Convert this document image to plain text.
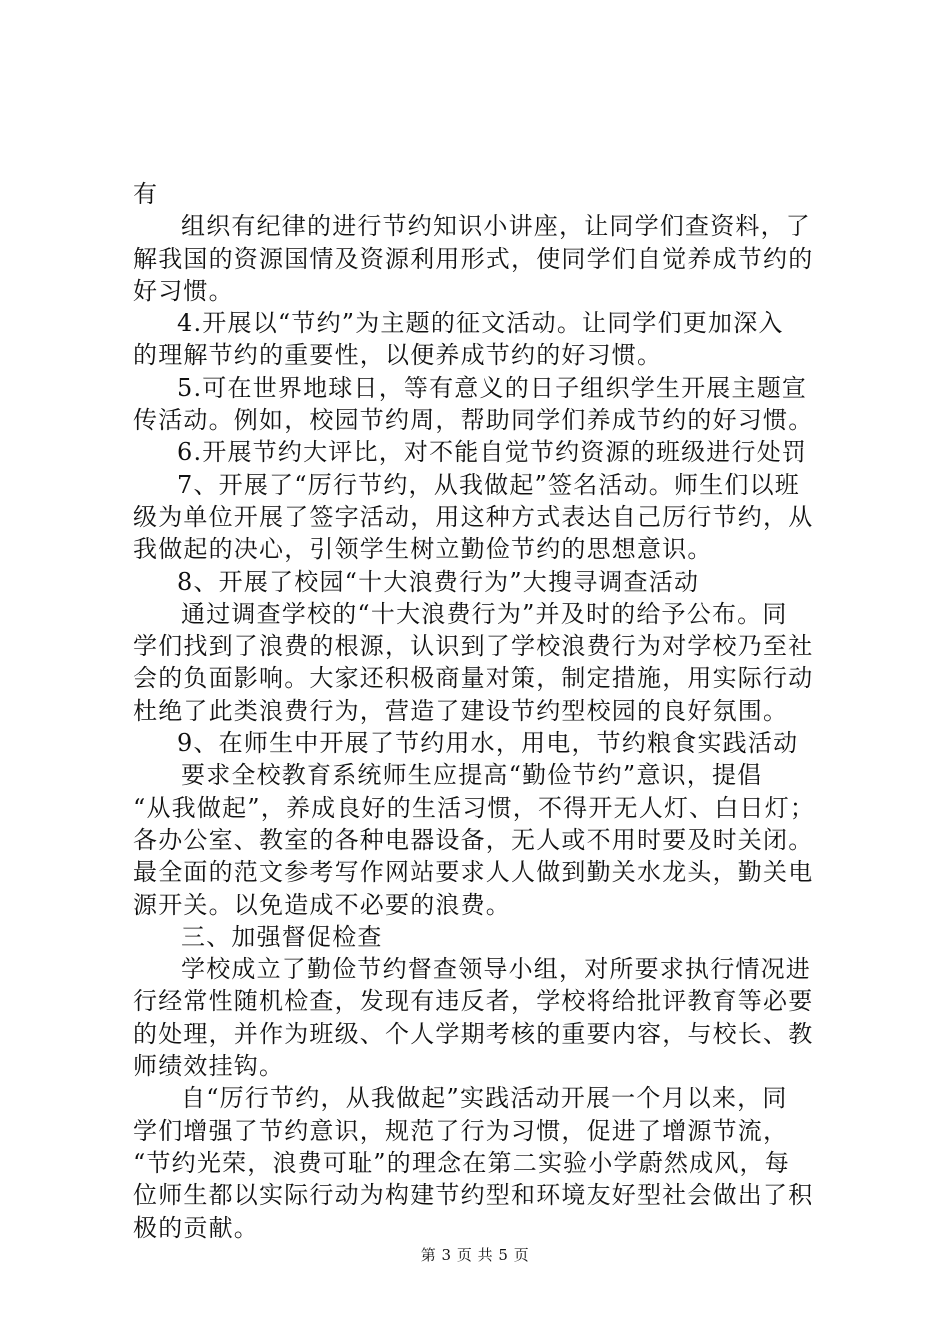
有
组织有纪律的进行节约知识小讲座，让同学们查资料，了
解我国的资源国情及资源利用形式，使同学们自觉养成节约的
好习惯。
4.开展以“节约”为主题的征文活动。让同学们更加深入
的理解节约的重要性，以便养成节约的好习惯。
5.可在世界地球日，等有意义的日子组织学生开展主题宣
传活动。例如，校园节约周，帮助同学们养成节约的好习惯。
6.开展节约大评比，对不能自觉节约资源的班级进行处罚
7、开展了“厉行节约，从我做起”签名活动。师生们以班
级为单位开展了签字活动，用这种方式表达自己厉行节约，从
我做起的决心，引领学生树立勤俭节约的思想意识。
8、开展了校园“十大浪费行为”大搜寻调查活动
通过调查学校的“十大浪费行为”并及时的给予公布。同
学们找到了浪费的根源，认识到了学校浪费行为对学校乃至社
会的负面影响。大家还积极商量对策，制定措施，用实际行动
杜绝了此类浪费行为，营造了建设节约型校园的良好氛围。
9、在师生中开展了节约用水，用电，节约粮食实践活动
要求全校教育系统师生应提高“勤俭节约”意识，提倡
“从我做起”，养成良好的生活习惯，不得开无人灯、白日灯；
各办公室、教室的各种电器设备，无人或不用时要及时关闭。
最全面的范文参考写作网站要求人人做到勤关水龙头，勤关电
源开关。以免造成不必要的浪费。
三、加强督促检查
学校成立了勤俭节约督查领导小组，对所要求执行情况进
行经常性随机检查，发现有违反者，学校将给批评教育等必要
的处理，并作为班级、个人学期考核的重要内容，与校长、教
师绩效挂钩。
自“厉行节约，从我做起”实践活动开展一个月以来，同
学们增强了节约意识，规范了行为习惯，促进了增源节流，
“节约光荣，浪费可耻”的理念在第二实验小学蔚然成风，每
位师生都以实际行动为构建节约型和环境友好型社会做出了积
极的贡献。
第 3 页 共 5 页
